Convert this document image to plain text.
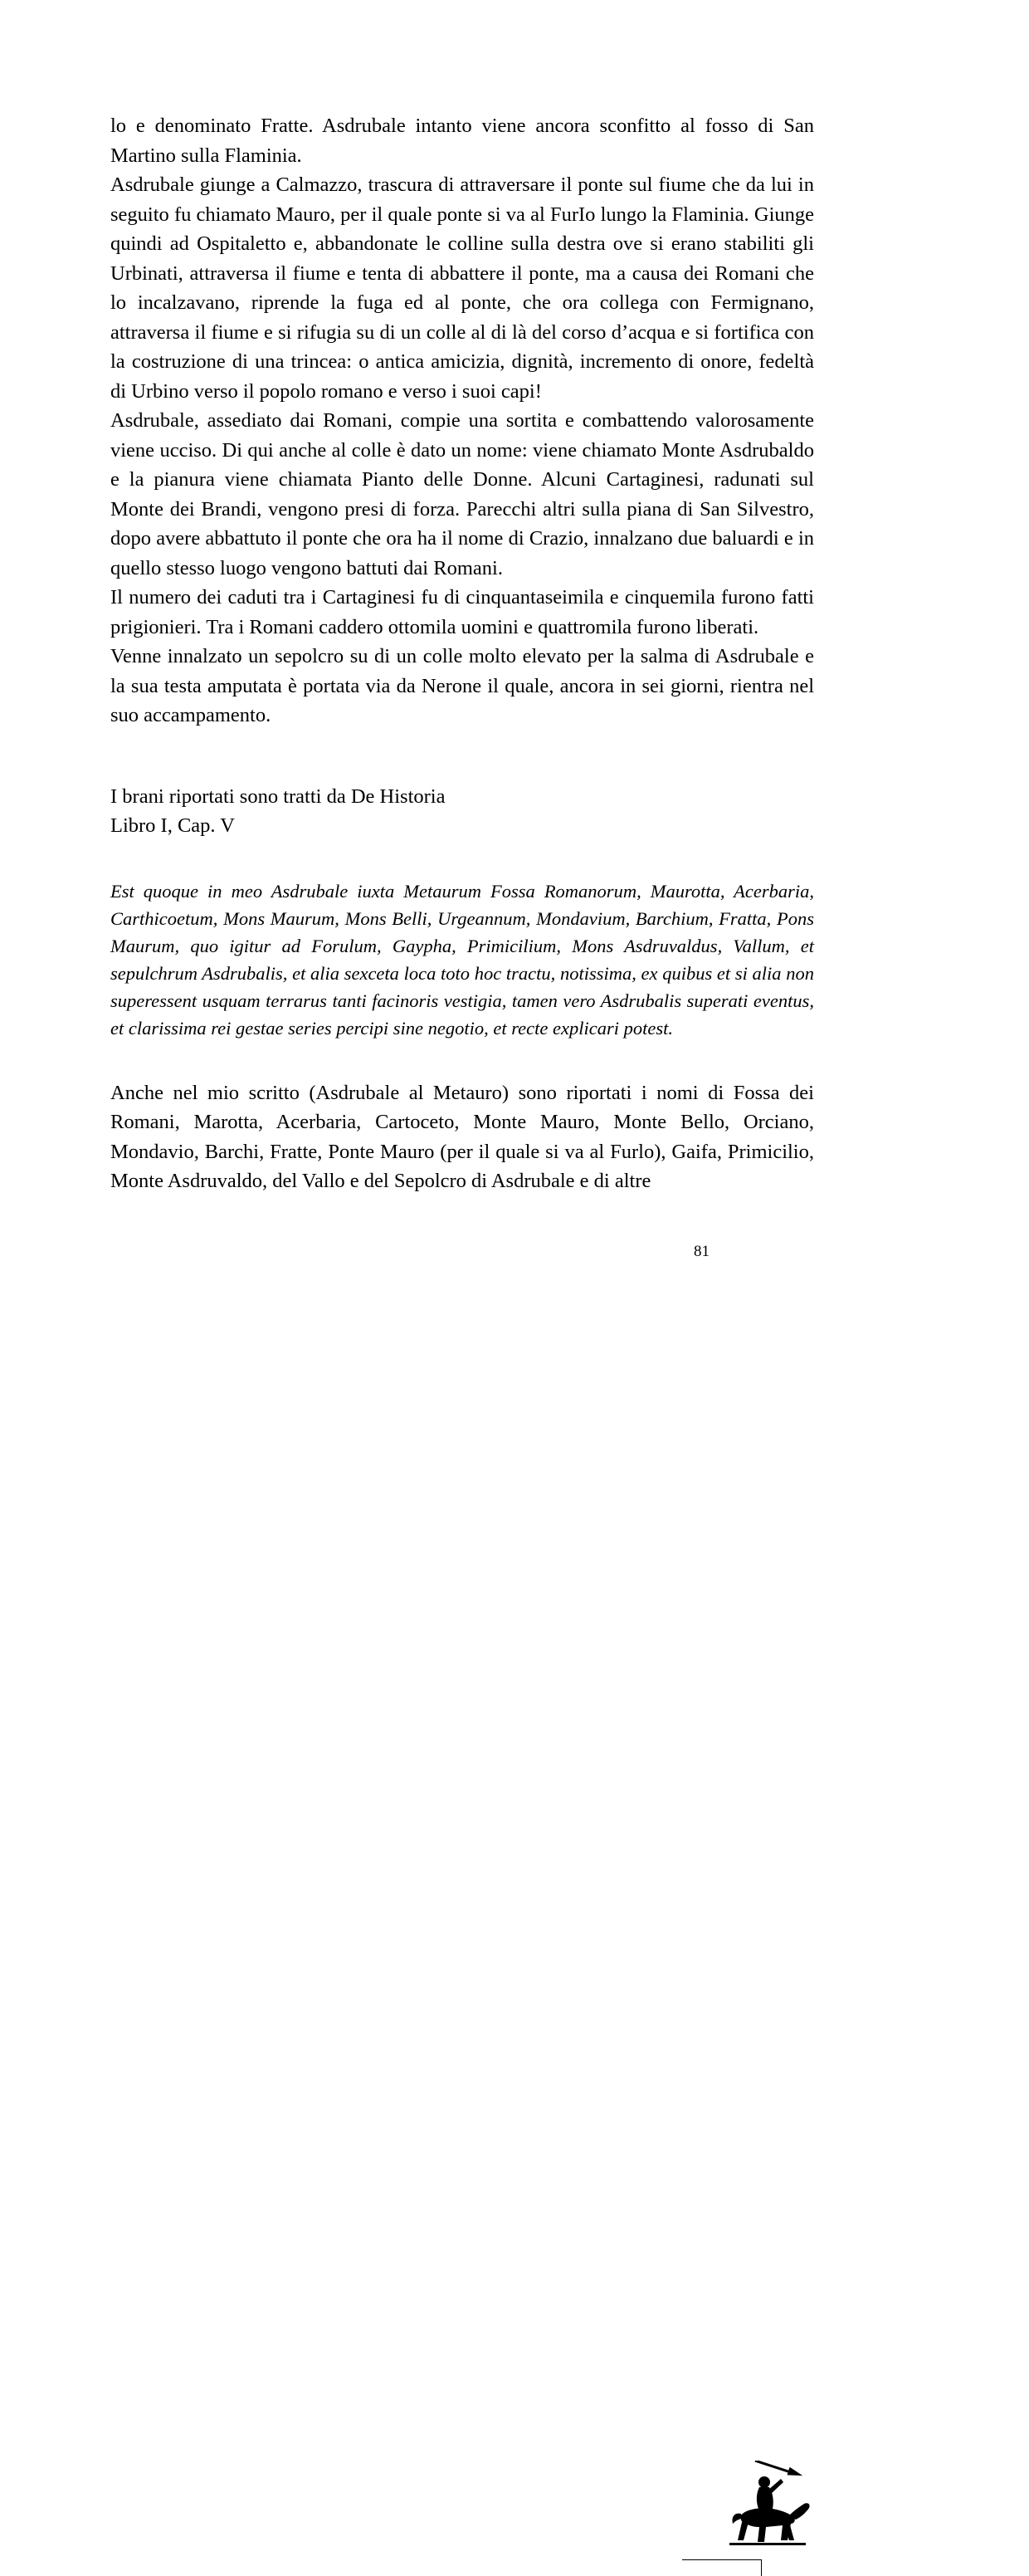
lo e denominato Fratte. Asdrubale intanto viene ancora sconfitto al fosso di San Martino sulla Flaminia.

Asdrubale giunge a Calmazzo, trascura di attraversare il ponte sul fiume che da lui in seguito fu chiamato Mauro, per il quale ponte si va al FurIo lungo la Flaminia. Giunge quindi ad Ospitaletto e, abbandonate le colline sulla destra ove si erano stabiliti gli Urbinati, attraversa il fiume e tenta di abbattere il ponte, ma a causa dei Romani che lo incalzavano, riprende la fuga ed al ponte, che ora collega con Fermignano, attraversa il fiume e si rifugia su di un colle al di là del corso d’acqua e si fortifica con la costruzione di una trincea: o antica amicizia, dignità, incremento di onore, fedeltà di Urbino verso il popolo romano e verso i suoi capi!

Asdrubale, assediato dai Romani, compie una sortita e combattendo valorosamente viene ucciso. Di qui anche al colle è dato un nome: viene chiamato Monte Asdrubaldo e la pianura viene chiamata Pianto delle Donne. Alcuni Cartaginesi, radunati sul Monte dei Brandi, vengono presi di forza. Parecchi altri sulla piana di San Silvestro, dopo avere abbattuto il ponte che ora ha il nome di Crazio, innalzano due baluardi e in quello stesso luogo vengono battuti dai Romani.

Il numero dei caduti tra i Cartaginesi fu di cinquantaseimila e cinquemila furono fatti prigionieri. Tra i Romani caddero ottomila uomini e quattromila furono liberati.

Venne innalzato un sepolcro su di un colle molto elevato per la salma di Asdrubale e la sua testa amputata è portata via da Nerone il quale, ancora in sei giorni, rientra nel suo accampamento.

I brani riportati sono tratti da De Historia

Libro I, Cap. V

Est quoque in meo Asdrubale iuxta Metaurum Fossa Romanorum, Maurotta, Acerbaria, Carthicoetum, Mons Maurum, Mons Belli, Urgeannum, Mondavium, Barchium, Fratta, Pons Maurum, quo igitur ad Forulum, Gaypha, Primicilium, Mons Asdruvaldus, Vallum, et sepulchrum Asdrubalis, et alia sexceta loca toto hoc tractu, notissima, ex quibus et si alia non superessent usquam terrarus tanti facinoris vestigia, tamen vero Asdrubalis superati eventus, et clarissima rei gestae series percipi sine negotio, et recte explicari potest.

Anche nel mio scritto (Asdrubale al Metauro) sono riportati i nomi di Fossa dei Romani, Marotta, Acerbaria, Cartoceto, Monte Mauro, Monte Bello, Orciano, Mondavio, Barchi, Fratte, Ponte Mauro (per il quale si va al Furlo), Gaifa, Primicilio, Monte Asdruvaldo, del Vallo e del Sepolcro di Asdrubale e di altre

81
